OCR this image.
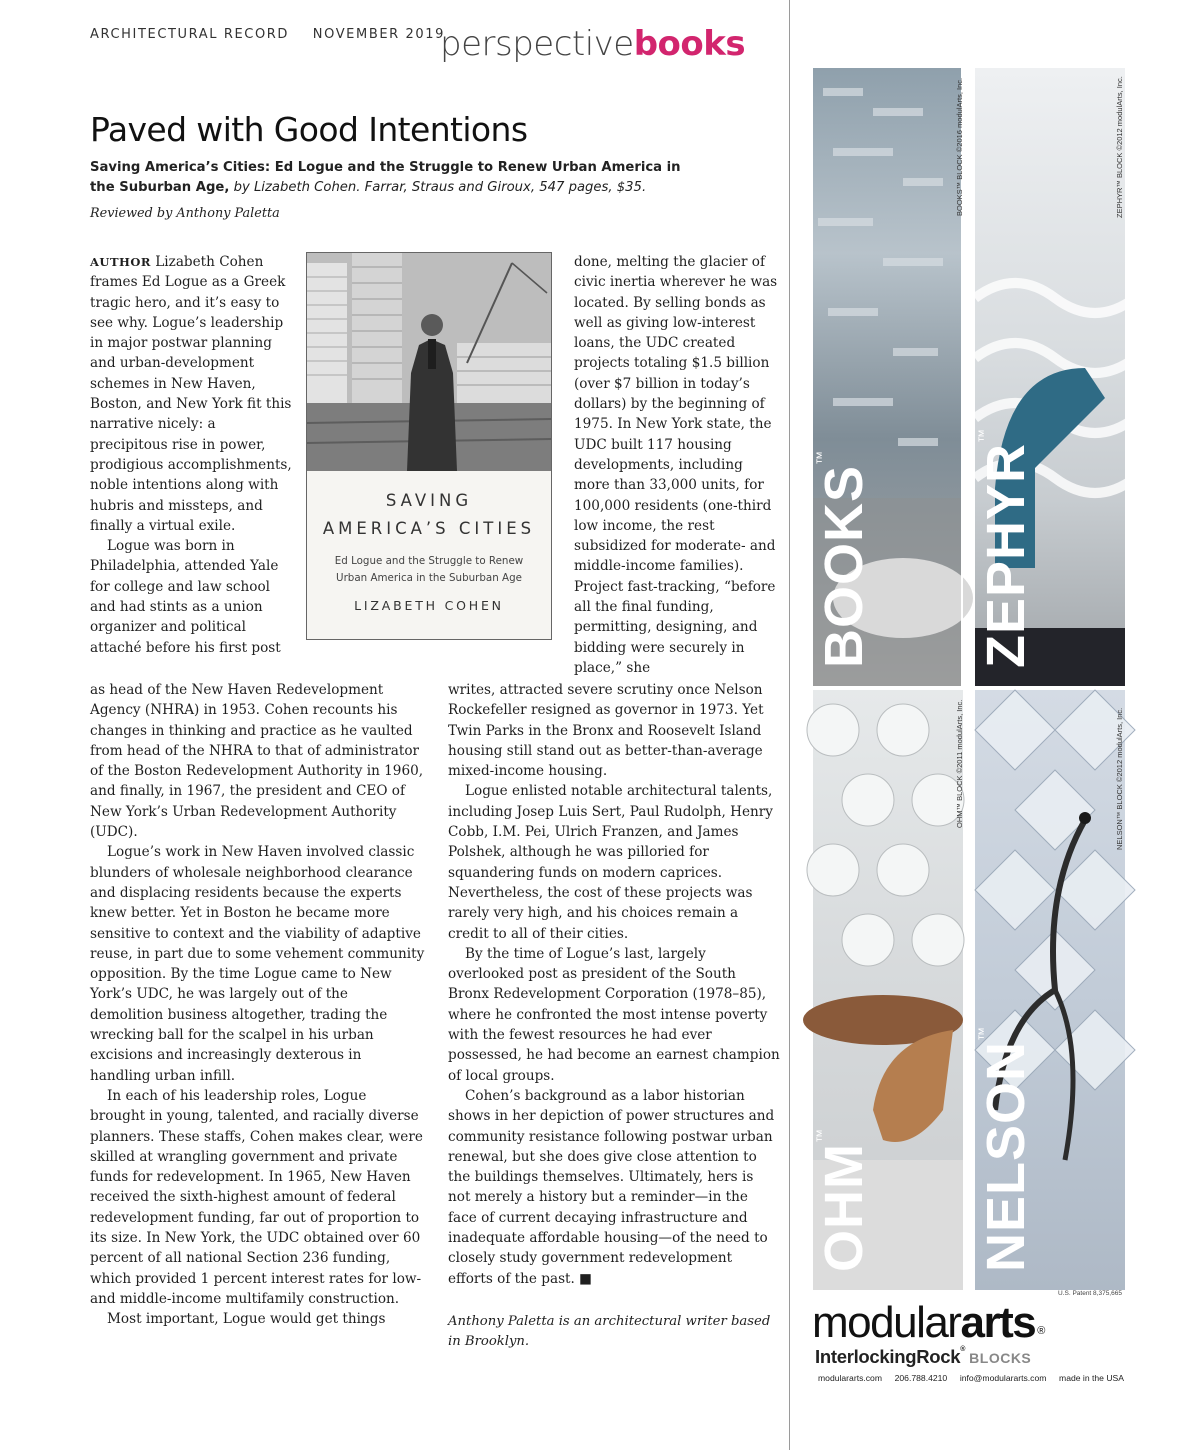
ARCHITECTURAL RECORD NOVEMBER 2019
perspectivebooks
Paved with Good Intentions
Saving America’s Cities: Ed Logue and the Struggle to Renew Urban America in the Suburban Age, by Lizabeth Cohen. Farrar, Straus and Giroux, 547 pages, $35.
Reviewed by Anthony Paletta

AUTHOR Lizabeth Cohen frames Ed Logue as a Greek tragic hero, and it’s easy to see why. Logue’s leadership in major postwar planning and urban-development schemes in New Haven, Boston, and New York fit this narrative nicely: a precipitous rise in power, prodigious accomplishments, noble intentions along with hubris and missteps, and finally a virtual exile.

Logue was born in Philadelphia, attended Yale for college and law school and had stints as a union organizer and political attaché before his first post

SAVING
AMERICA’S CITIES
Ed Logue and the Struggle to Renew
Urban America in the Suburban Age
LIZABETH COHEN

done, melting the glacier of civic inertia wherever he was located. By selling bonds as well as giving low-interest loans, the UDC created projects totaling $1.5 billion (over $7 billion in today’s dollars) by the beginning of 1975. In New York state, the UDC built 117 housing developments, including more than 33,000 units, for 100,000 residents (one-third low income, the rest subsidized for moderate- and middle-income families). Project fast-tracking, “before all the final funding, permitting, designing, and bidding were securely in place,” she

as head of the New Haven Redevelopment Agency (NHRA) in 1953. Cohen recounts his changes in thinking and practice as he vaulted from head of the NHRA to that of administrator of the Boston Redevelopment Authority in 1960, and finally, in 1967, the president and CEO of New York’s Urban Redevelopment Authority (UDC).

Logue’s work in New Haven involved classic blunders of wholesale neighborhood clearance and displacing residents because the experts knew better. Yet in Boston he became more sensitive to context and the viability of adaptive reuse, in part due to some vehement community opposition. By the time Logue came to New York’s UDC, he was largely out of the demolition business altogether, trading the wrecking ball for the scalpel in his urban excisions and increasingly dexterous in handling urban infill.

In each of his leadership roles, Logue brought in young, talented, and racially diverse planners. These staffs, Cohen makes clear, were skilled at wrangling government and private funds for redevelopment. In 1965, New Haven received the sixth-highest amount of federal redevelopment funding, far out of proportion to its size. In New York, the UDC obtained over 60 percent of all national Section 236 funding, which provided 1 percent interest rates for low- and middle-income multifamily construction.

Most important, Logue would get things

writes, attracted severe scrutiny once Nelson Rockefeller resigned as governor in 1973. Yet Twin Parks in the Bronx and Roosevelt Island housing still stand out as better-than-average mixed-income housing.

Logue enlisted notable architectural talents, including Josep Luis Sert, Paul Rudolph, Henry Cobb, I.M. Pei, Ulrich Franzen, and James Polshek, although he was pilloried for squandering funds on modern caprices. Nevertheless, the cost of these projects was rarely very high, and his choices remain a credit to all of their cities.

By the time of Logue’s last, largely overlooked post as president of the South Bronx Redevelopment Corporation (1978–85), where he confronted the most intense poverty with the fewest resources he had ever possessed, he had become an earnest champion of local groups.

Cohen’s background as a labor historian shows in her depiction of power structures and community resistance following postwar urban renewal, but she does give close attention to the buildings themselves. Ultimately, hers is not merely a history but a reminder—in the face of current decaying infrastructure and inadequate affordable housing—of the need to closely study government redevelopment efforts of the past. ■

Anthony Paletta is an architectural writer based in Brooklyn.
BOOKS™
BOOKS™ BLOCK ©2016 modulArts, Inc.
ZEPHYR™
ZEPHYR™ BLOCK ©2012 modulArts, Inc.
OHM™
OHM™ BLOCK ©2011 modulArts, Inc.
NELSON™
NELSON™ BLOCK ©2012 modulArts, Inc.
U.S. Patent 8,375,665
modulararts ®
InterlockingRock®BLOCKS
modulararts.com 206.788.4210 info@modulararts.com made in the USA
